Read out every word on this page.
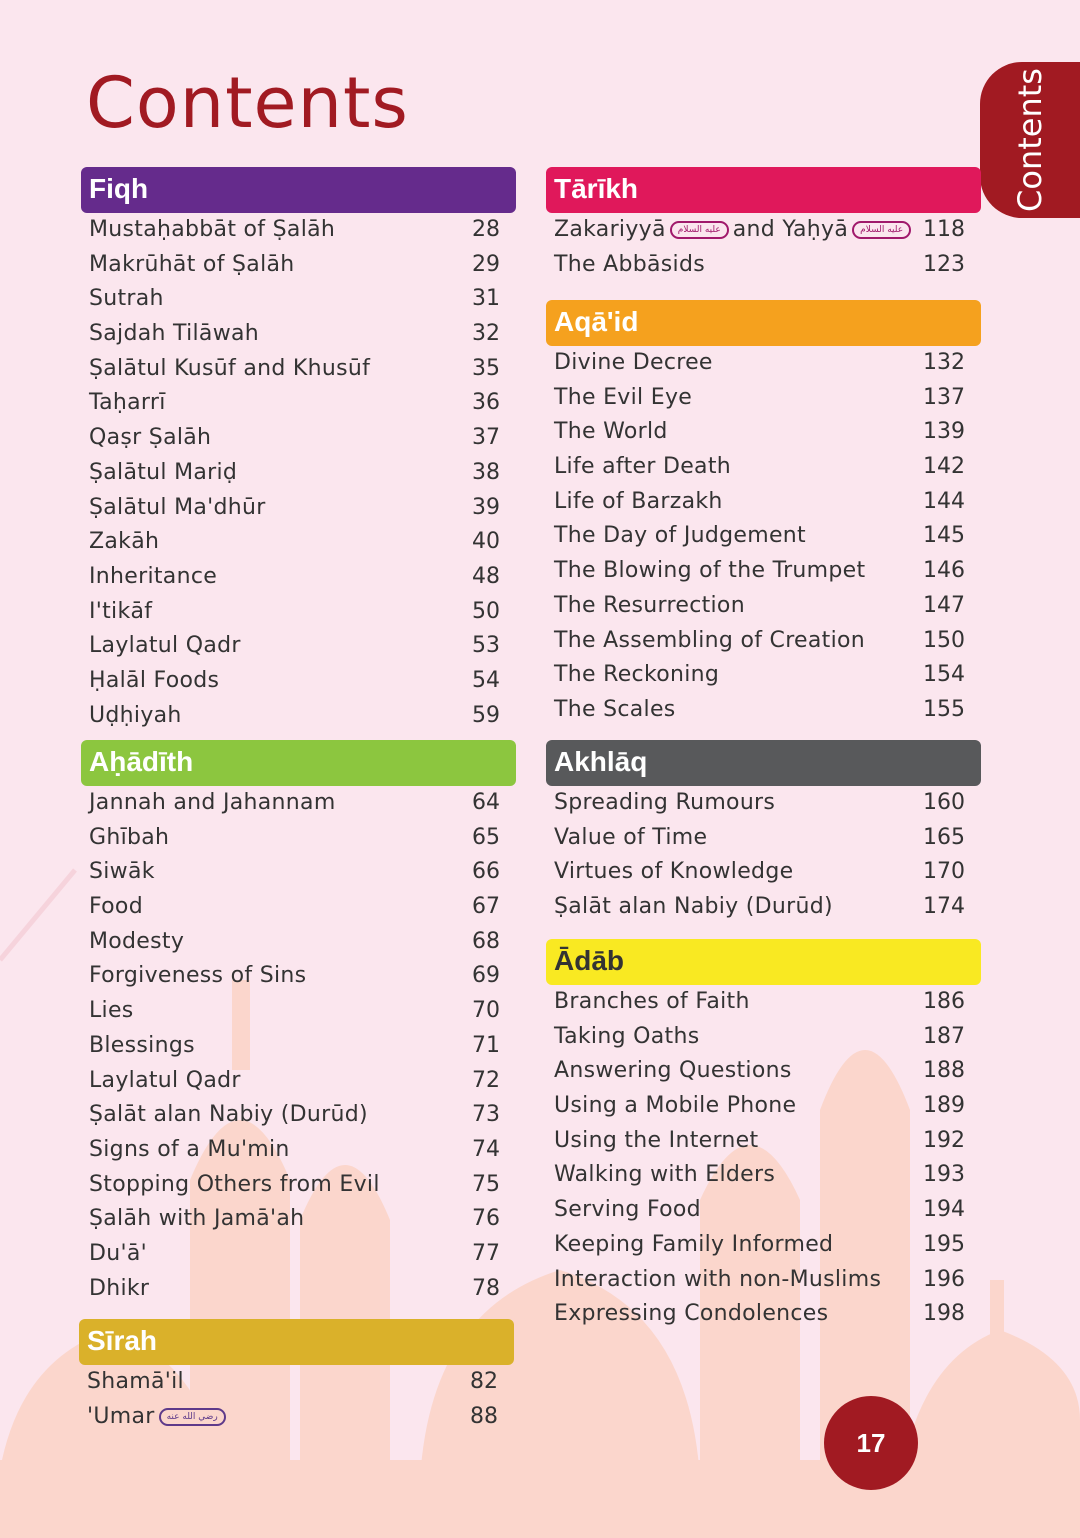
Contents	Contents
Fiqh
Mustaḥabbāt of Ṣalāh	28
Makrūhāt of Ṣalāh	29
Sutrah	31
Sajdah Tilāwah	32
Ṣalātul Kusūf and Khusūf	35
Taḥarrī	36
Qaṣr Ṣalāh	37
Ṣalātul Mariḍ	38
Ṣalātul Ma'dhūr	39
Zakāh	40
Inheritance	48
I'tikāf	50
Laylatul Qadr	53
Ḥalāl Foods	54
Uḍḥiyah	59
Aḥādīth
Jannah and Jahannam	64
Ghībah	65
Siwāk	66
Food	67
Modesty	68
Forgiveness of Sins	69
Lies	70
Blessings	71
Laylatul Qadr	72
Ṣalāt alan Nabiy (Durūd)	73
Signs of a Mu'min	74
Stopping Others from Evil	75
Ṣalāh with Jamā'ah	76
Du'ā'	77
Dhikr	78
Sīrah
Shamā'il	82
'Umar رضي الله عنه	88
Tārīkh
Zakariyyā عليه السلام and Yaḥyā عليه السلام 118
The Abbāsids	123
Aqā'id
Divine Decree	132
The Evil Eye	137
The World	139
Life after Death	142
Life of Barzakh	144
The Day of Judgement	145
The Blowing of the Trumpet	146
The Resurrection	147
The Assembling of Creation	150
The Reckoning	154
The Scales	155
Akhlāq
Spreading Rumours	160
Value of Time	165
Virtues of Knowledge	170
Ṣalāt alan Nabiy (Durūd)	174
Ādāb
Branches of Faith	186
Taking Oaths	187
Answering Questions	188
Using a Mobile Phone	189
Using the Internet	192
Walking with Elders	193
Serving Food	194
Keeping Family Informed	195
Interaction with non-Muslims 196
Expressing Condolences	198
17
